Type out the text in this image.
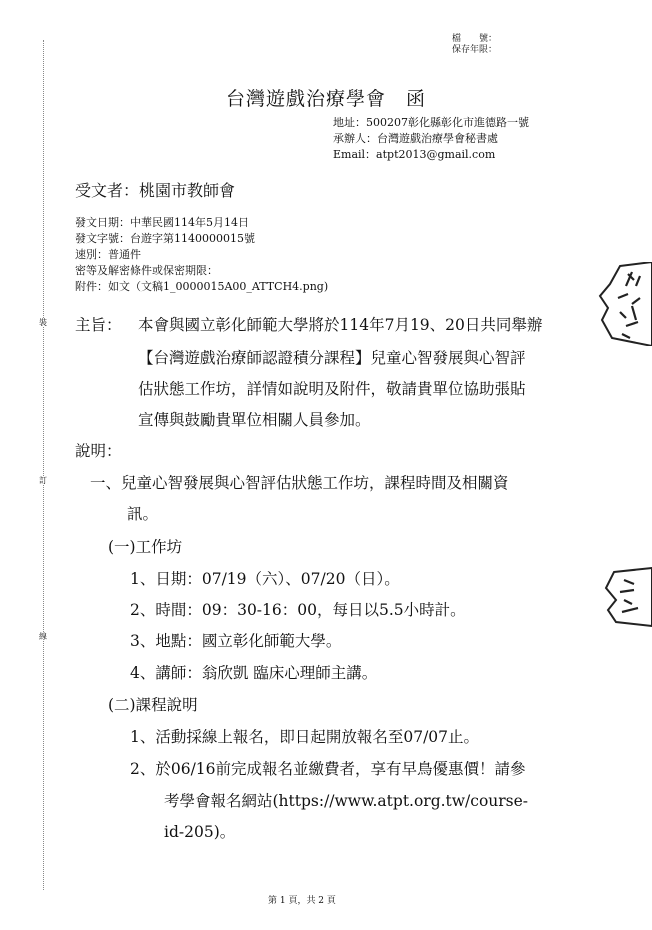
裝
訂
線
檔　　號：
保存年限：
台灣遊戲治療學會　函
地址：500207彰化縣彰化市進德路一號
承辦人：台灣遊戲治療學會秘書處
Email：atpt2013@gmail.com
受文者：桃園市教師會
發文日期：中華民國114年5月14日
發文字號：台遊字第1140000015號
速別：普通件
密等及解密條件或保密期限：
附件：如文（文稿1_0000015A00_ATTCH4.png)
主旨： 本會與國立彰化師範大學將於114年7月19、20日共同舉辦
【台灣遊戲治療師認證積分課程】兒童心智發展與心智評
估狀態工作坊，詳情如說明及附件，敬請貴單位協助張貼
宣傳與鼓勵貴單位相關人員參加。
說明：
一、兒童心智發展與心智評估狀態工作坊，課程時間及相關資
訊。
(一)工作坊
1、日期：07/19（六）、07/20（日）。
2、時間：09：30-16：00，每日以5.5小時計。
3、地點：國立彰化師範大學。
4、講師：翁欣凱 臨床心理師主講。
(二)課程說明
1、活動採線上報名，即日起開放報名至07/07止。
2、於06/16前完成報名並繳費者，享有早鳥優惠價！請參
考學會報名網站(https://www.atpt.org.tw/course-
id-205)。
第 1 頁，共 2 頁
